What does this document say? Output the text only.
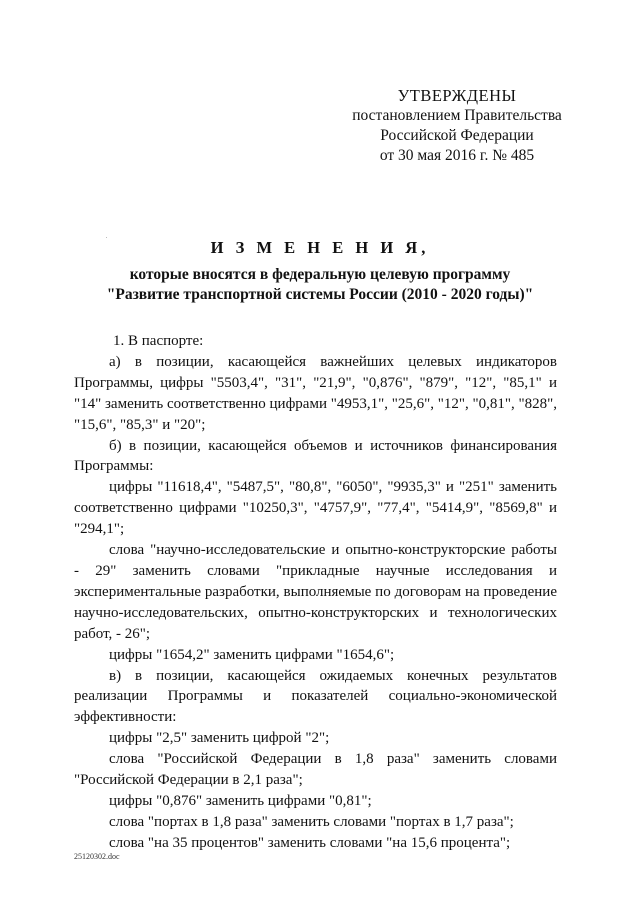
УТВЕРЖДЕНЫ
постановлением Правительства
Российской Федерации
от 30 мая 2016 г. № 485
И З М Е Н Е Н И Я,
которые вносятся в федеральную целевую программу
"Развитие транспортной системы России (2010 - 2020 годы)"

1. В паспорте:

а) в позиции, касающейся важнейших целевых индикаторов Программы, цифры "5503,4", "31", "21,9", "0,876", "879", "12", "85,1" и "14" заменить соответственно цифрами "4953,1", "25,6", "12", "0,81", "828", "15,6", "85,3" и "20";

б) в позиции, касающейся объемов и источников финансирования Программы:

цифры "11618,4", "5487,5", "80,8", "6050", "9935,3" и "251" заменить соответственно цифрами "10250,3", "4757,9", "77,4", "5414,9", "8569,8" и "294,1";

слова "научно-исследовательские и опытно-конструкторские работы - 29" заменить словами "прикладные научные исследования и экспериментальные разработки, выполняемые по договорам на проведение научно-исследовательских, опытно-конструкторских и технологических работ, - 26";

цифры "1654,2" заменить цифрами "1654,6";

в) в позиции, касающейся ожидаемых конечных результатов реализации Программы и показателей социально-экономической эффективности:

цифры "2,5" заменить цифрой "2";

слова "Российской Федерации в 1,8 раза" заменить словами "Российской Федерации в 2,1 раза";

цифры "0,876" заменить цифрами "0,81";

слова "портах в 1,8 раза" заменить словами "портах в 1,7 раза";

слова "на 35 процентов" заменить словами "на 15,6 процента";

25120302.doc
